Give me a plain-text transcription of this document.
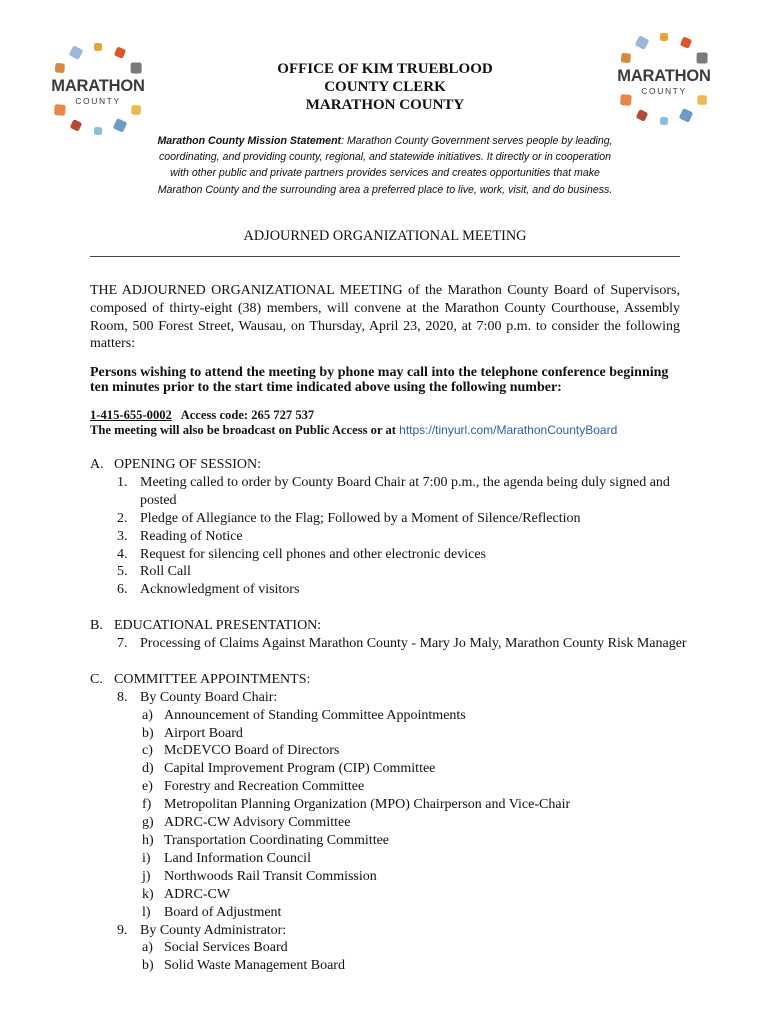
MARATHON
COUNTY
MARATHON
COUNTY
OFFICE OF KIM TRUEBLOOD
COUNTY CLERK
MARATHON COUNTY
Marathon County Mission Statement: Marathon County Government serves people by leading, coordinating, and providing county, regional, and statewide initiatives. It directly or in cooperation with other public and private partners provides services and creates opportunities that make Marathon County and the surrounding area a preferred place to live, work, visit, and do business.
ADJOURNED ORGANIZATIONAL MEETING
THE ADJOURNED ORGANIZATIONAL MEETING of the Marathon County Board of Supervisors, composed of thirty-eight (38) members, will convene at the Marathon County Courthouse, Assembly Room, 500 Forest Street, Wausau, on Thursday, April 23, 2020, at 7:00 p.m. to consider the following matters:
Persons wishing to attend the meeting by phone may call into the telephone conference beginning ten minutes prior to the start time indicated above using the following number:
1-415-655-0002 Access code: 265 727 537
The meeting will also be broadcast on Public Access or at https://tinyurl.com/MarathonCountyBoard
A. OPENING OF SESSION:
1. Meeting called to order by County Board Chair at 7:00 p.m., the agenda being duly signed and posted
2. Pledge of Allegiance to the Flag; Followed by a Moment of Silence/Reflection
3. Reading of Notice
4. Request for silencing cell phones and other electronic devices
5. Roll Call
6. Acknowledgment of visitors
B. EDUCATIONAL PRESENTATION:
7. Processing of Claims Against Marathon County - Mary Jo Maly, Marathon County Risk Manager
C. COMMITTEE APPOINTMENTS:
8. By County Board Chair:
a) Announcement of Standing Committee Appointments
b) Airport Board
c) McDEVCO Board of Directors
d) Capital Improvement Program (CIP) Committee
e) Forestry and Recreation Committee
f) Metropolitan Planning Organization (MPO) Chairperson and Vice-Chair
g) ADRC-CW Advisory Committee
h) Transportation Coordinating Committee
i) Land Information Council
j) Northwoods Rail Transit Commission
k) ADRC-CW
l) Board of Adjustment
9. By County Administrator:
a) Social Services Board
b) Solid Waste Management Board
